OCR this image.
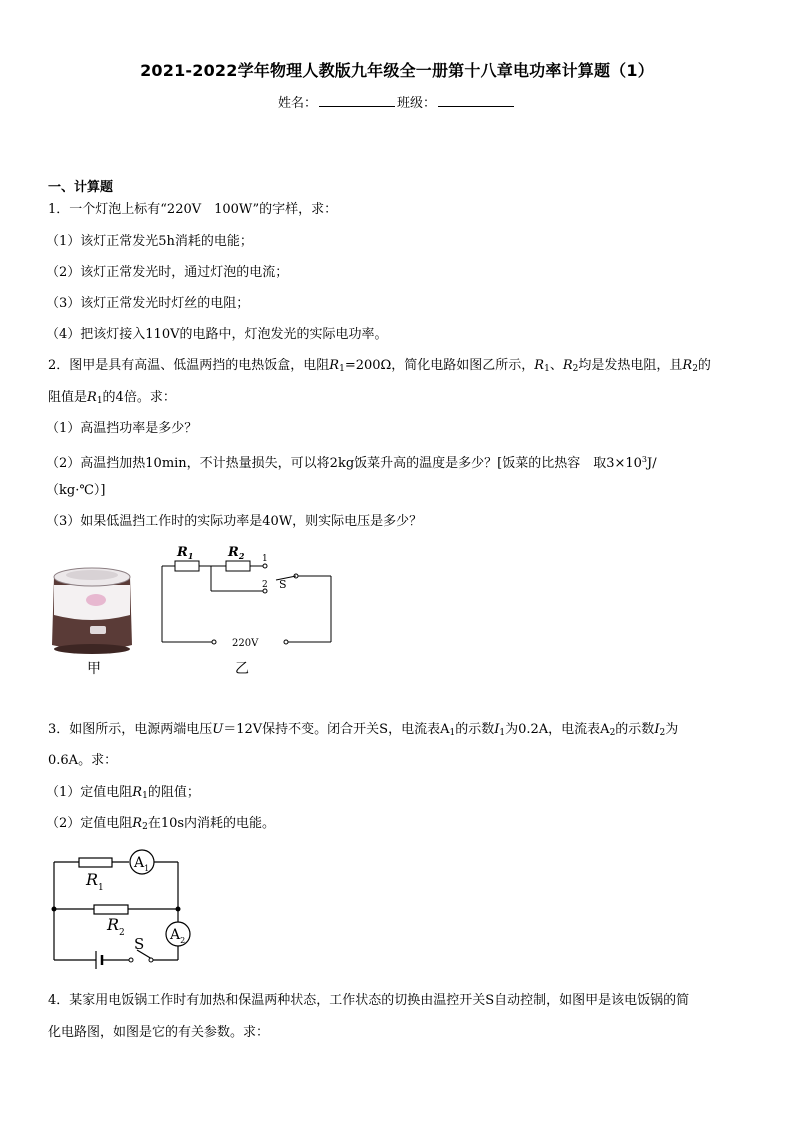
2021-2022学年物理人教版九年级全一册第十八章电功率计算题（1）
姓名：	班级：
一、计算题
1．一个灯泡上标有“220V　100W”的字样，求：
（1）该灯正常发光5h消耗的电能；
（2）该灯正常发光时，通过灯泡的电流；
（3）该灯正常发光时灯丝的电阻；
（4）把该灯接入110V的电路中，灯泡发光的实际电功率。
2．图甲是具有高温、低温两挡的电热饭盒，电阻$R_1=200\Omega$，简化电路如图乙所示，$R_1$、$R_2$均是发热电阻，且$R_2$的
阻值是$R_1$的4倍。求：
（1）高温挡功率是多少？
（2）高温挡加热10min，不计热量损失，可以将2kg饭菜升高的温度是多少？[饭菜的比热容　取$3\times 10^3J/$
（kg·℃）]
（3）如果低温挡工作时的实际功率是40W，则实际电压是多少？
甲
$R_1$	$R_2$ 1
2 S
220V
乙
3．如图所示，电源两端电压U＝12V保持不变。闭合开关S，电流表$A_1$的示数$I_1$为0.2A，电流表$A_2$的示数$I_2$为
0.6A。求：
（1）定值电阻$R_1$的阻值；
（2）定值电阻$R_2$在10s内消耗的电能。
$A_1$
$A_2$
$R_1$
$R_2$
S
4．某家用电饭锅工作时有加热和保温两种状态，工作状态的切换由温控开关S自动控制，如图甲是该电饭锅的简
化电路图，如图是它的有关参数。求：
